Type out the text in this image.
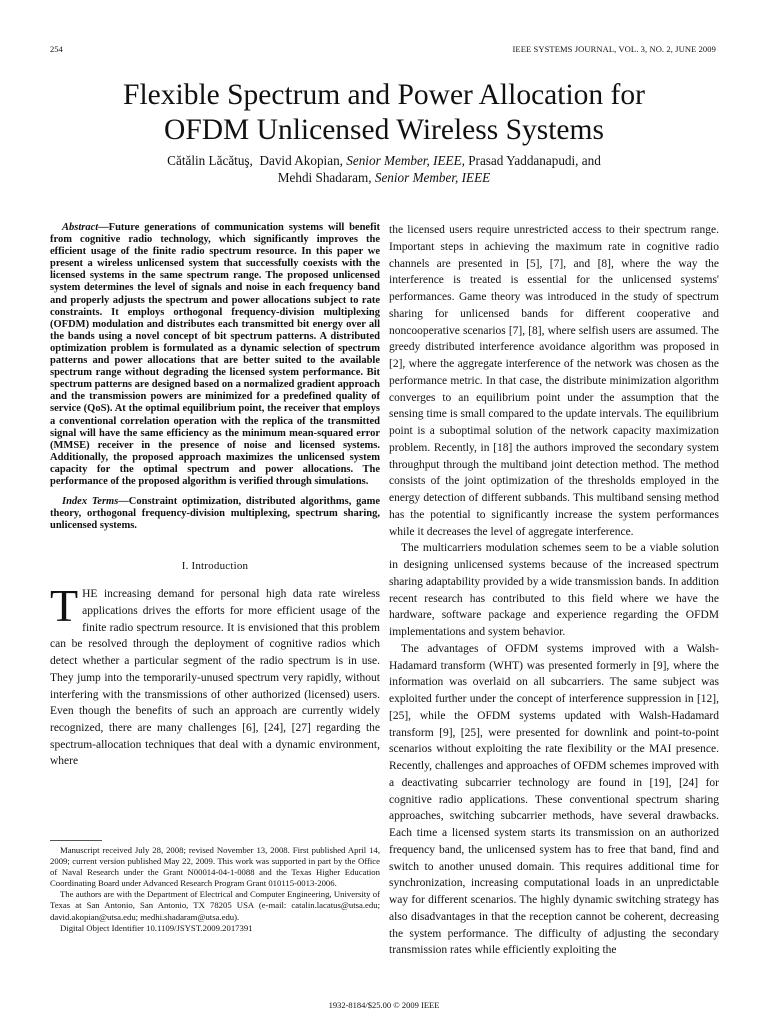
254	IEEE SYSTEMS JOURNAL, VOL. 3, NO. 2, JUNE 2009
Flexible Spectrum and Power Allocation for
OFDM Unlicensed Wireless Systems
Cătălin Lăcătuş, David Akopian, Senior Member, IEEE, Prasad Yaddanapudi, and
Mehdi Shadaram, Senior Member, IEEE

Abstract—Future generations of communication systems will benefit from cognitive radio technology, which significantly improves the efficient usage of the finite radio spectrum resource. In this paper we present a wireless unlicensed system that successfully coexists with the licensed systems in the same spectrum range. The proposed unlicensed system determines the level of signals and noise in each frequency band and properly adjusts the spectrum and power allocations subject to rate constraints. It employs orthogonal frequency-division multiplexing (OFDM) modulation and distributes each transmitted bit energy over all the bands using a novel concept of bit spectrum patterns. A distributed optimization problem is formulated as a dynamic selection of spectrum patterns and power allocations that are better suited to the available spectrum range without degrading the licensed system performance. Bit spectrum patterns are designed based on a normalized gradient approach and the transmission powers are minimized for a predefined quality of service (QoS). At the optimal equilibrium point, the receiver that employs a conventional correlation operation with the replica of the transmitted signal will have the same efficiency as the minimum mean-squared error (MMSE) receiver in the presence of noise and licensed systems. Additionally, the proposed approach maximizes the unlicensed system capacity for the optimal spectrum and power allocations. The performance of the proposed algorithm is verified through simulations.

Index Terms—Constraint optimization, distributed algorithms, game theory, orthogonal frequency-division multiplexing, spectrum sharing, unlicensed systems.

I. Introduction

THE increasing demand for personal high data rate wireless applications drives the efforts for more efficient usage of the finite radio spectrum resource. It is envisioned that this problem can be resolved through the deployment of cognitive radios which detect whether a particular segment of the radio spectrum is in use. They jump into the temporarily-unused spectrum very rapidly, without interfering with the transmissions of other authorized (licensed) users. Even though the benefits of such an approach are currently widely recognized, there are many challenges [6], [24], [27] regarding the spectrum-allocation techniques that deal with a dynamic environment, where

the licensed users require unrestricted access to their spectrum range. Important steps in achieving the maximum rate in cognitive radio channels are presented in [5], [7], and [8], where the way the interference is treated is essential for the unlicensed systems' performances. Game theory was introduced in the study of spectrum sharing for unlicensed bands for different cooperative and noncooperative scenarios [7], [8], where selfish users are assumed. The greedy distributed interference avoidance algorithm was proposed in [2], where the aggregate interference of the network was chosen as the performance metric. In that case, the distribute minimization algorithm converges to an equilibrium point under the assumption that the sensing time is small compared to the update intervals. The equilibrium point is a suboptimal solution of the network capacity maximization problem. Recently, in [18] the authors improved the secondary system throughput through the multiband joint detection method. The method consists of the joint optimization of the thresholds employed in the energy detection of different subbands. This multiband sensing method has the potential to significantly increase the system performances while it decreases the level of aggregate interference.

The multicarriers modulation schemes seem to be a viable solution in designing unlicensed systems because of the increased spectrum sharing adaptability provided by a wide transmission bands. In addition recent research has contributed to this field where we have the hardware, software package and experience regarding the OFDM implementations and system behavior.

The advantages of OFDM systems improved with a Walsh-Hadamard transform (WHT) was presented formerly in [9], where the information was overlaid on all subcarriers. The same subject was exploited further under the concept of interference suppression in [12], [25], while the OFDM systems updated with Walsh-Hadamard transform [9], [25], were presented for downlink and point-to-point scenarios without exploiting the rate flexibility or the MAI presence. Recently, challenges and approaches of OFDM schemes improved with a deactivating subcarrier technology are found in [19], [24] for cognitive radio applications. These conventional spectrum sharing approaches, switching subcarrier methods, have several drawbacks. Each time a licensed system starts its transmission on an authorized frequency band, the unlicensed system has to free that band, find and switch to another unused domain. This requires additional time for synchronization, increasing computational loads in an unpredictable way for different scenarios. The highly dynamic switching strategy has also disadvantages in that the reception cannot be coherent, decreasing the system performance. The difficulty of adjusting the secondary transmission rates while efficiently exploiting the

Manuscript received July 28, 2008; revised November 13, 2008. First published April 14, 2009; current version published May 22, 2009. This work was supported in part by the Office of Naval Research under the Grant N00014-04-1-0088 and the Texas Higher Education Coordinating Board under Advanced Research Program Grant 010115-0013-2006.

The authors are with the Department of Electrical and Computer Engineering, University of Texas at San Antonio, San Antonio, TX 78205 USA (e-mail: catalin.lacatus@utsa.edu; david.akopian@utsa.edu; medhi.shadaram@utsa.edu).

Digital Object Identifier 10.1109/JSYST.2009.2017391

1932-8184/$25.00 © 2009 IEEE
